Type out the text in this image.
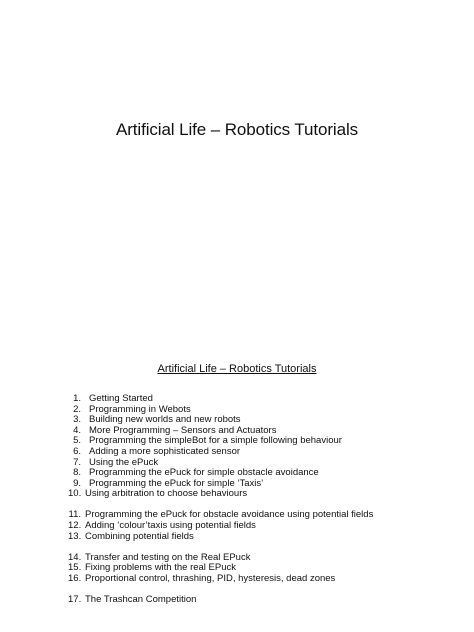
Artificial Life – Robotics Tutorials
Artificial Life – Robotics Tutorials
1. Getting Started
2. Programming in Webots
3. Building new worlds and new robots
4. More Programming – Sensors and Actuators
5. Programming the simpleBot for a simple following behaviour
6. Adding a more sophisticated sensor
7. Using the ePuck
8. Programming the ePuck for simple obstacle avoidance
9. Programming the ePuck for simple ‘Taxis’
10. Using arbitration to choose behaviours
11. Programming the ePuck for obstacle avoidance using potential fields
12. Adding ‘colour’taxis using potential fields
13. Combining potential fields
14. Transfer and testing on the Real EPuck
15. Fixing problems with the real EPuck
16. Proportional control, thrashing, PID, hysteresis, dead zones
17. The Trashcan Competition
